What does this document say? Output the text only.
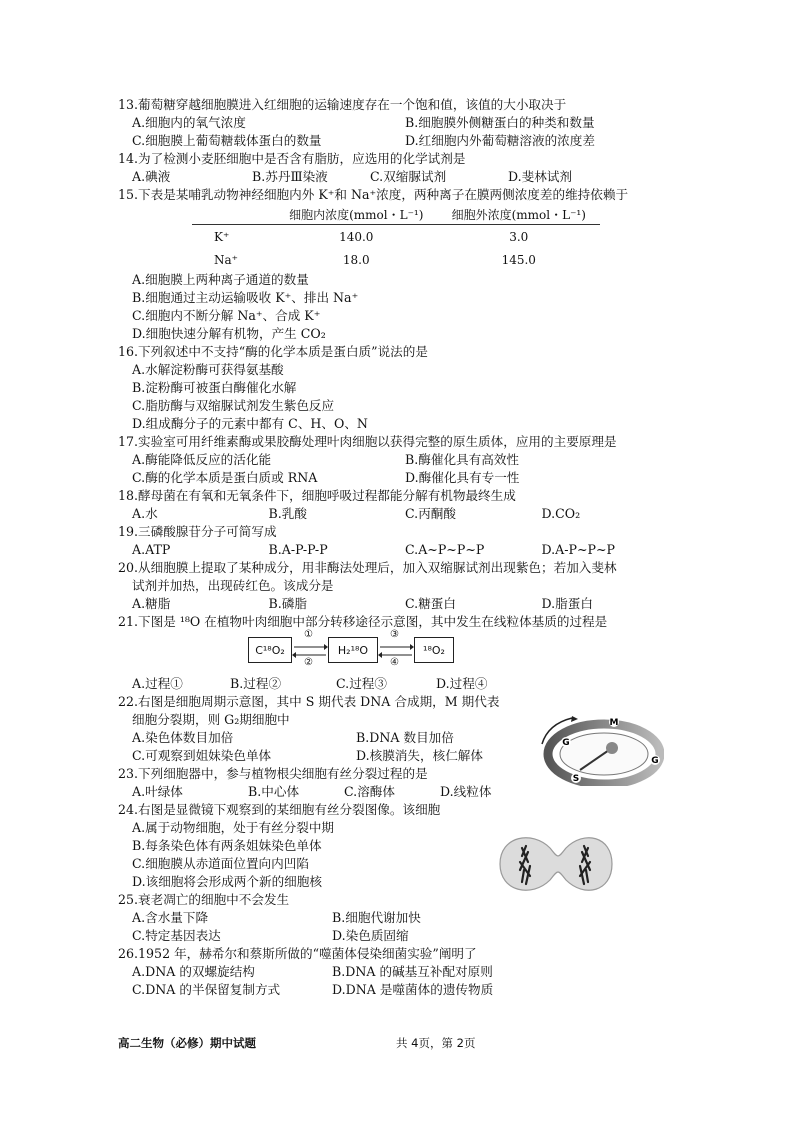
13.葡萄糖穿越细胞膜进入红细胞的运输速度存在一个饱和值，该值的大小取决于
A.细胞内的氧气浓度	B.细胞膜外侧糖蛋白的种类和数量
C.细胞膜上葡萄糖载体蛋白的数量	D.红细胞内外葡萄糖溶液的浓度差
14.为了检测小麦胚细胞中是否含有脂肪，应选用的化学试剂是
A.碘液	B.苏丹Ⅲ染液	C.双缩脲试剂	D.斐林试剂
15.下表是某哺乳动物神经细胞内外 K⁺和 Na⁺浓度，两种离子在膜两侧浓度差的维持依赖于
	细胞内浓度(mmol・L⁻¹)	细胞外浓度(mmol・L⁻¹)
K⁺	140.0	3.0
Na⁺	18.0	145.0
A.细胞膜上两种离子通道的数量
B.细胞通过主动运输吸收 K⁺、排出 Na⁺
C.细胞内不断分解 Na⁺、合成 K⁺
D.细胞快速分解有机物，产生 CO₂
16.下列叙述中不支持“酶的化学本质是蛋白质”说法的是
A.水解淀粉酶可获得氨基酸
B.淀粉酶可被蛋白酶催化水解
C.脂肪酶与双缩脲试剂发生紫色反应
D.组成酶分子的元素中都有 C、H、O、N
17.实验室可用纤维素酶或果胶酶处理叶肉细胞以获得完整的原生质体，应用的主要原理是
A.酶能降低反应的活化能	B.酶催化具有高效性
C.酶的化学本质是蛋白质或 RNA	D.酶催化具有专一性
18.酵母菌在有氧和无氧条件下，细胞呼吸过程都能分解有机物最终生成
A.水	B.乳酸	C.丙酮酸	D.CO₂
19.三磷酸腺苷分子可简写成
A.ATP	B.A-P-P-P	C.A~P~P~P	D.A-P~P~P
20.从细胞膜上提取了某种成分，用非酶法处理后，加入双缩脲试剂出现紫色；若加入斐林
试剂并加热，出现砖红色。该成分是
A.糖脂	B.磷脂	C.糖蛋白	D.脂蛋白
21.下图是 ¹⁸O 在植物叶肉细胞中部分转移途径示意图，其中发生在线粒体基质的过程是
C¹⁸O₂
①
②
H₂¹⁸O
③
④
¹⁸O₂
A.过程①	B.过程②	C.过程③	D.过程④
22.右图是细胞周期示意图，其中 S 期代表 DNA 合成期，M 期代表
细胞分裂期，则 G₂期细胞中
A.染色体数目加倍	B.DNA 数目加倍
C.可观察到姐妹染色单体	D.核膜消失，核仁解体
23.下列细胞器中，参与植物根尖细胞有丝分裂过程的是
A.叶绿体	B.中心体	C.溶酶体	D.线粒体
24.右图是显微镜下观察到的某细胞有丝分裂图像。该细胞
A.属于动物细胞，处于有丝分裂中期
B.每条染色体有两条姐妹染色单体
C.细胞膜从赤道面位置向内凹陷
D.该细胞将会形成两个新的细胞核
25.衰老凋亡的细胞中不会发生
A.含水量下降	B.细胞代谢加快
C.特定基因表达	D.染色质固缩
26.1952 年，赫希尔和蔡斯所做的“噬菌体侵染细菌实验”阐明了
A.DNA 的双螺旋结构	B.DNA 的碱基互补配对原则
C.DNA 的半保留复制方式	D.DNA 是噬菌体的遗传物质
M
G
G
S
高二生物（必修）期中试题	共 4页，第 2页
